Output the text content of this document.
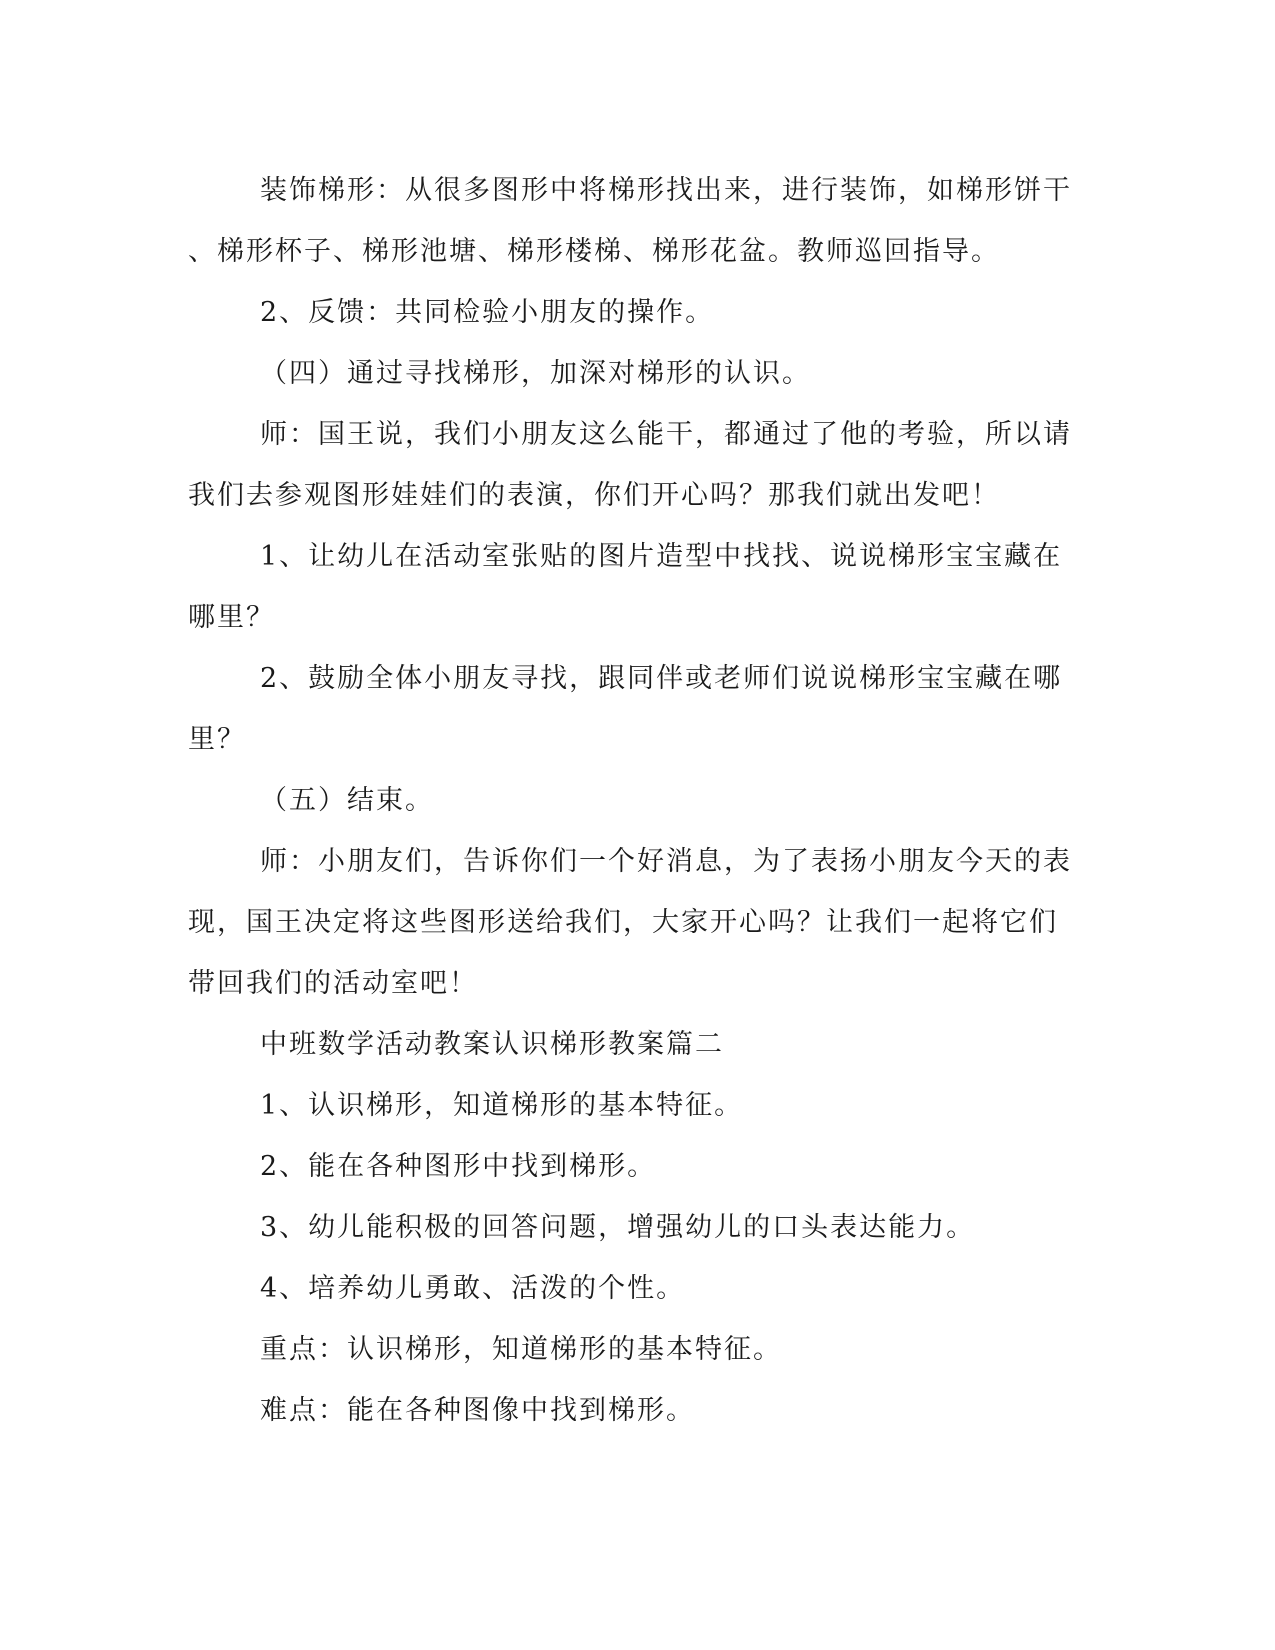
装饰梯形：从很多图形中将梯形找出来，进行装饰，如梯形饼干

、梯形杯子、梯形池塘、梯形楼梯、梯形花盆。教师巡回指导。

2、反馈：共同检验小朋友的操作。

（四）通过寻找梯形，加深对梯形的认识。

师：国王说，我们小朋友这么能干，都通过了他的考验，所以请

我们去参观图形娃娃们的表演，你们开心吗？那我们就出发吧！

1、让幼儿在活动室张贴的图片造型中找找、说说梯形宝宝藏在

哪里？

2、鼓励全体小朋友寻找，跟同伴或老师们说说梯形宝宝藏在哪

里？

（五）结束。

师：小朋友们，告诉你们一个好消息，为了表扬小朋友今天的表

现，国王决定将这些图形送给我们，大家开心吗？让我们一起将它们

带回我们的活动室吧！

中班数学活动教案认识梯形教案篇二

1、认识梯形，知道梯形的基本特征。

2、能在各种图形中找到梯形。

3、幼儿能积极的回答问题，增强幼儿的口头表达能力。

4、培养幼儿勇敢、活泼的个性。

重点：认识梯形，知道梯形的基本特征。

难点：能在各种图像中找到梯形。
